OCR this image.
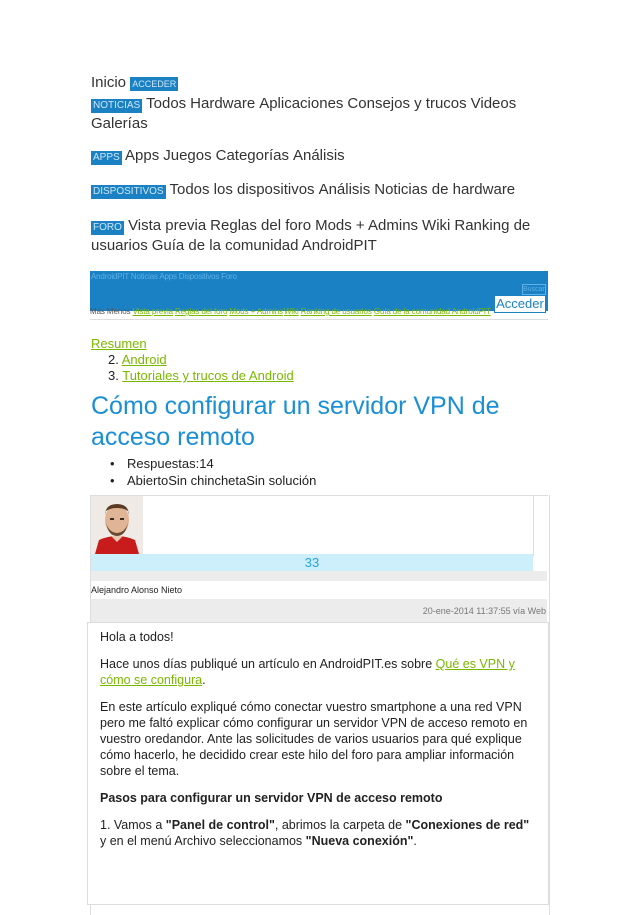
Inicio ACCEDER
NOTICIAS Todos Hardware Aplicaciones Consejos y trucos Videos Galerías
APPS Apps Juegos Categorías Análisis
DISPOSITIVOS Todos los dispositivos Análisis Noticias de hardware
FORO Vista previa Reglas del foro Mods + Admins Wiki Ranking de usuarios Guía de la comunidad AndroidPIT
AndroidPIT Noticias Apps Dispositivos Foro
Buscar
Acceder
Más Menos Vista previa Reglas del foro Mods + AdminsWiki Ranking de usuarios Guía de la comunidad AndroidPIT
Resumen
2. Android
3. Tutoriales y trucos de Android
Cómo configurar un servidor VPN de acceso remoto
• Respuestas:14
• AbiertoSin chinchetaSin solución
33
Alejandro Alonso Nieto
20-ene-2014 11:37:55 vía Web
Hola a todos!
Hace unos días publiqué un artículo en AndroidPIT.es sobre Qué es VPN y cómo se configura.
En este artículo expliqué cómo conectar vuestro smartphone a una red VPN pero me faltó explicar cómo configurar un servidor VPN de acceso remoto en vuestro oredandor. Ante las solicitudes de varios usuarios para qué explique cómo hacerlo, he decidido crear este hilo del foro para ampliar información sobre el tema.
Pasos para configurar un servidor VPN de acceso remoto
1. Vamos a "Panel de control", abrimos la carpeta de "Conexiones de red" y en el menú Archivo seleccionamos "Nueva conexión".
